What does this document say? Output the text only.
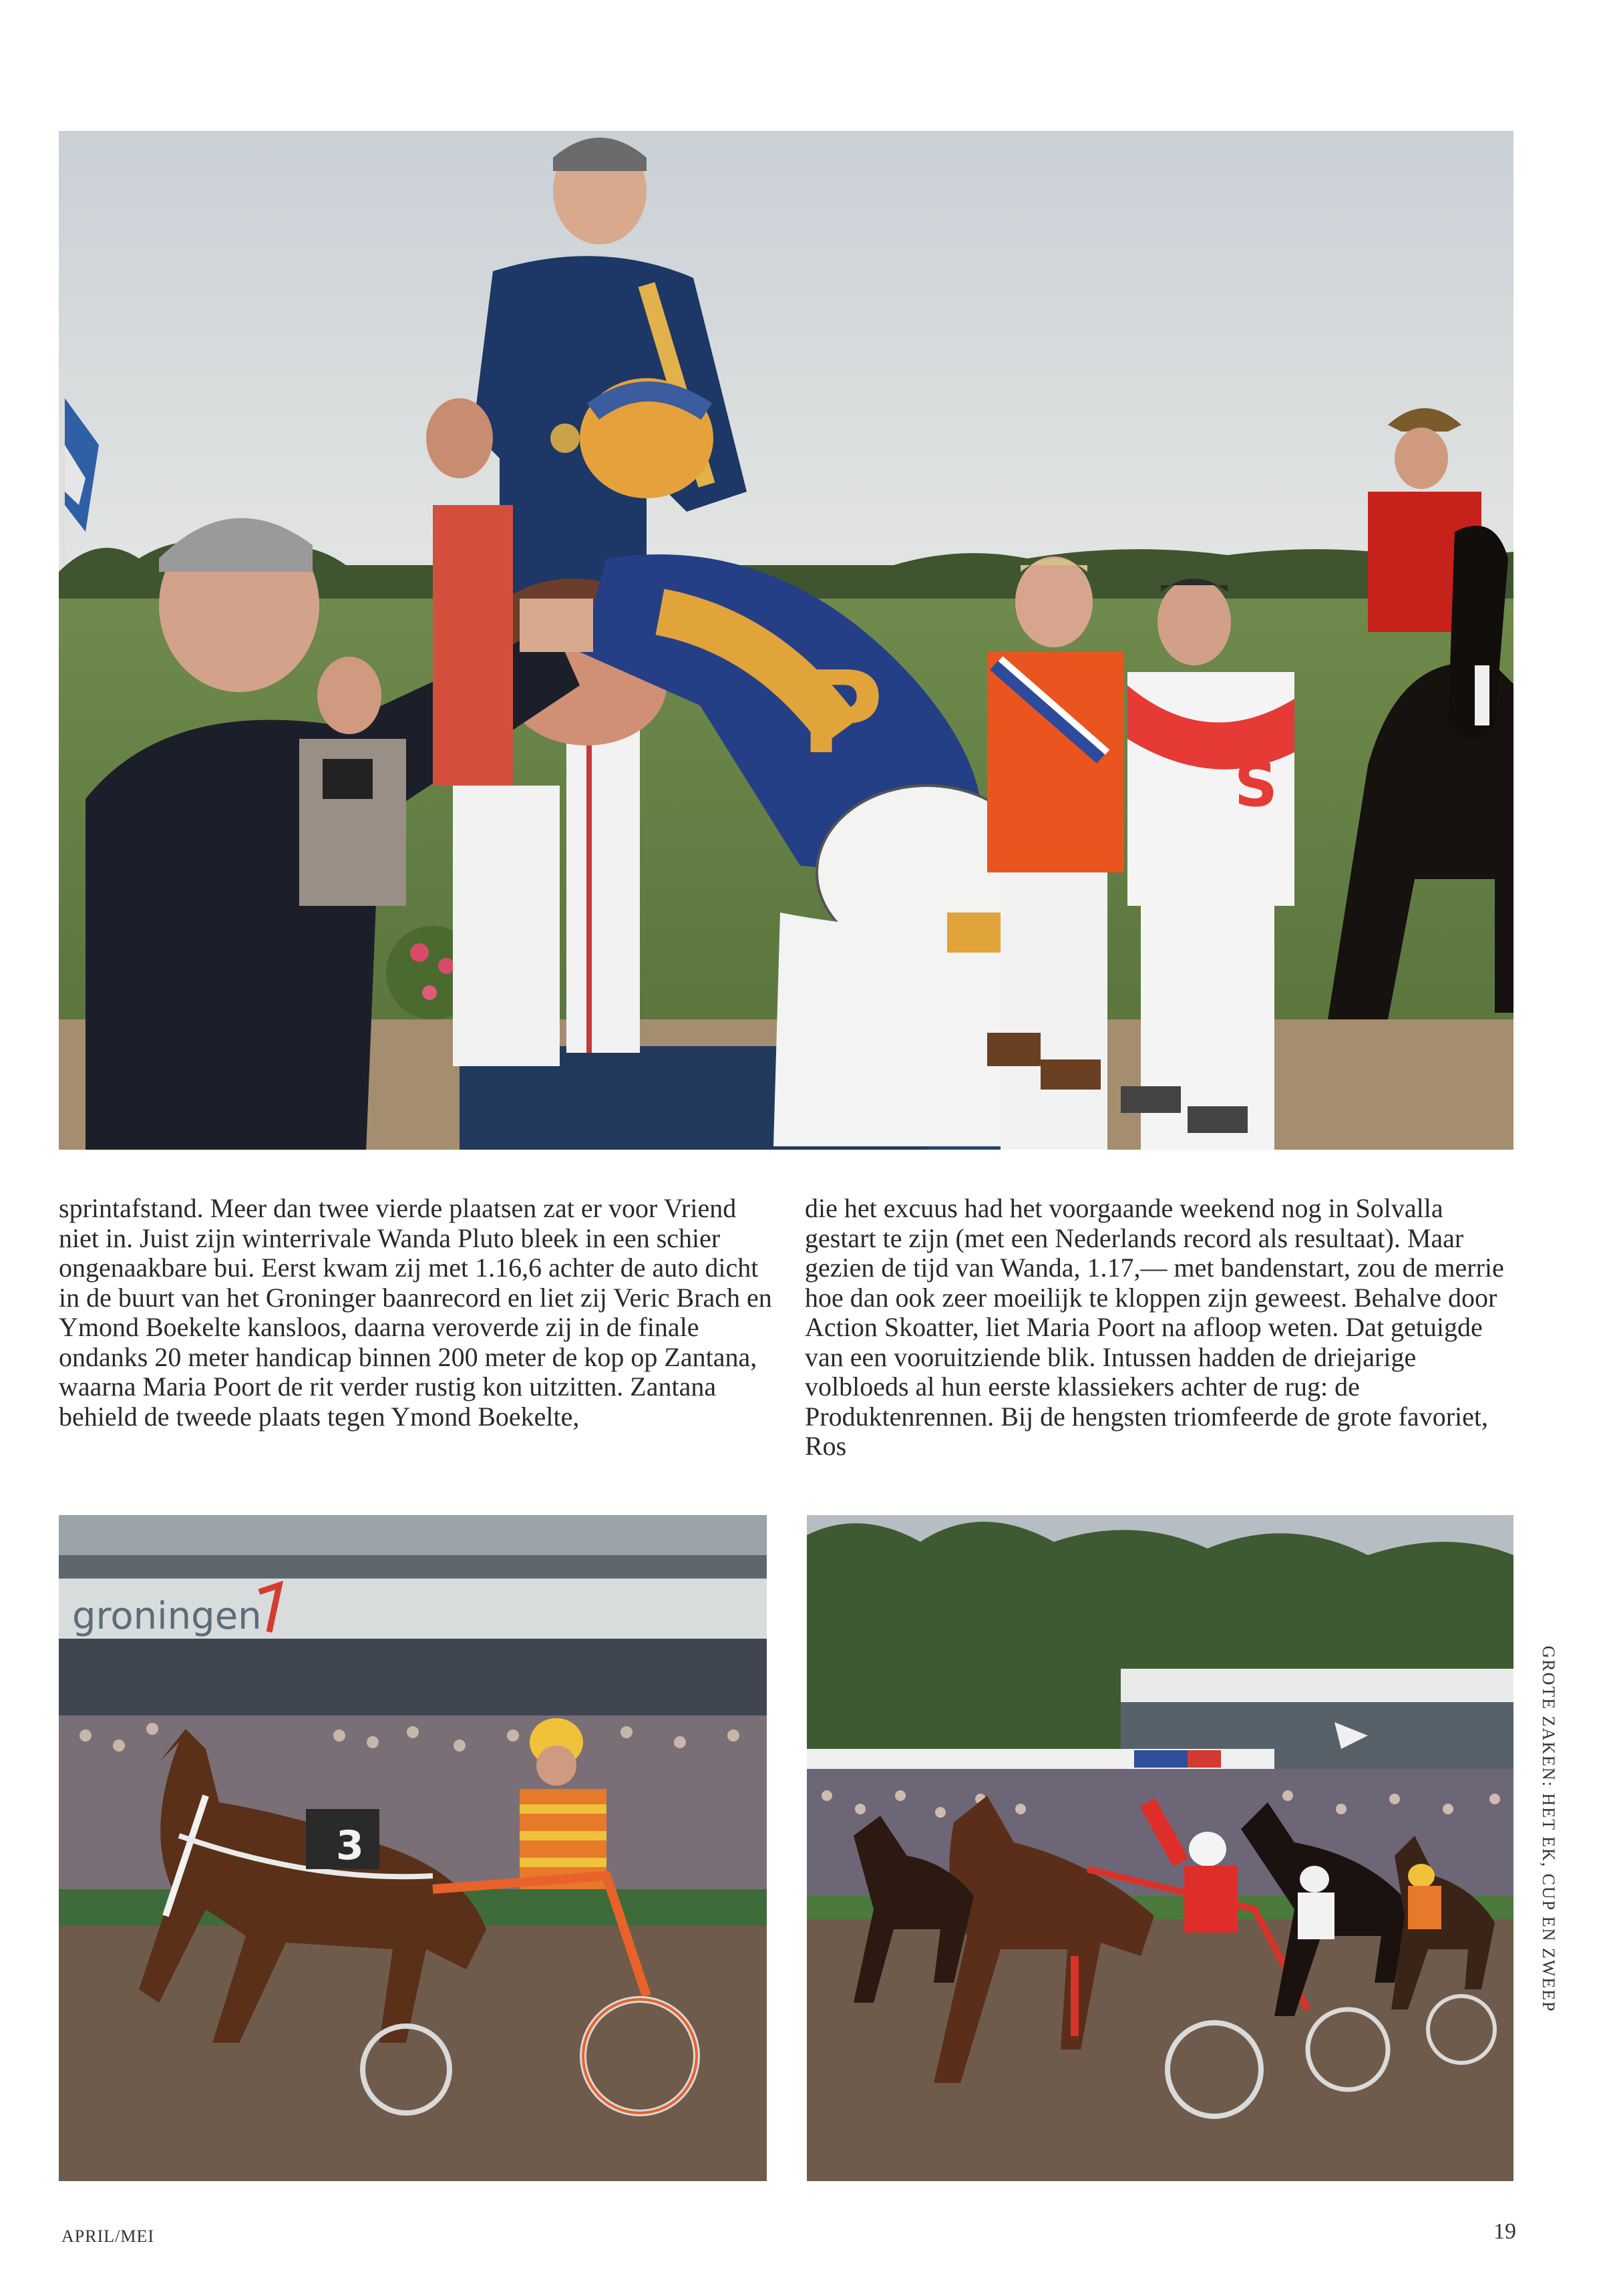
P
S

sprintafstand. Meer dan twee vierde plaatsen zat er voor Vriend niet in. Juist zijn winterrivale Wanda Pluto bleek in een schier ongenaakbare bui. Eerst kwam zij met 1.16,6 achter de auto dicht in de buurt van het Groninger baanrecord en liet zij Veric Brach en Ymond Boekelte kansloos, daarna veroverde zij in de finale ondanks 20 meter handicap binnen 200 meter de kop op Zantana, waarna Maria Poort de rit verder rustig kon uitzitten. Zantana behield de tweede plaats tegen Ymond Boekelte,

die het excuus had het voorgaande weekend nog in Solvalla gestart te zijn (met een Nederlands record als resultaat). Maar gezien de tijd van Wanda, 1.17,— met bandenstart, zou de merrie hoe dan ook zeer moeilijk te kloppen zijn geweest. Behalve door Action Skoatter, liet Maria Poort na afloop weten. Dat getuigde van een vooruitziende blik. Intussen hadden de driejarige volbloeds al hun eerste klassiekers achter de rug: de Produktenrennen. Bij de hengsten triomfeerde de grote favoriet, Ros

groningen
3
APRIL/MEI	19
GROTE ZAKEN: HET EK, CUP EN ZWEEP
